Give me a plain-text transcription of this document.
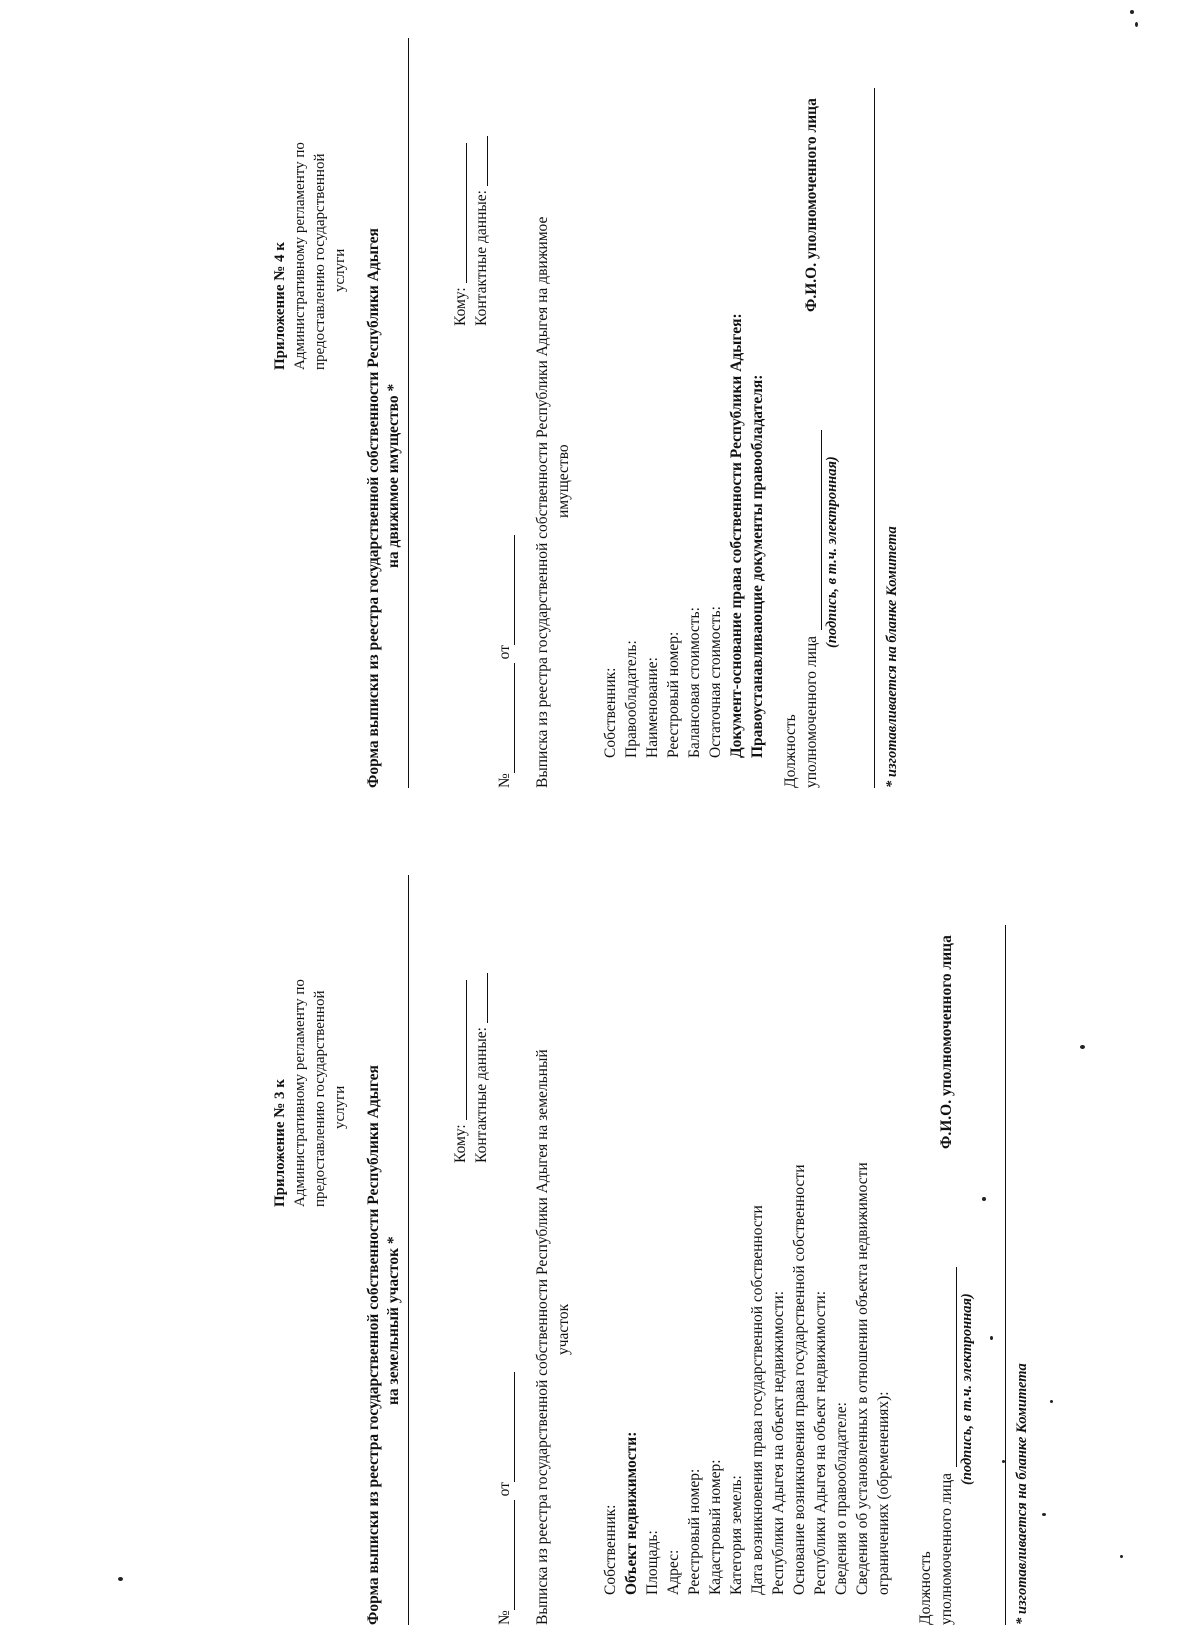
Приложение № 4 к Административному регламенту по предоставлению государственной услуги Форма выписки из реестра государственной собственности Республики Адыгея на движимое имущество *
Кому: Контактные данные:
№ от Выписка из реестра государственной собственности Республики Адыгея на движимое имущество
Собственник: Правообладатель: Наименование: Реестровый номер: Балансовая стоимость: Остаточная стоимость: Документ-основание права собственности Республики Адыгея: Правоустанавливающие документы правообладателя: Должность уполномоченного лица
Ф.И.О. уполномоченного лица
(подпись, в т.ч. электронная)	* изготавливается на бланке Комитета
Приложение № 3 к Административному регламенту по предоставлению государственной услуги Форма выписки из реестра государственной собственности Республики Адыгея на земельный участок *
Кому: Контактные данные:
№ от Выписка из реестра государственной собственности Республики Адыгея на земельный участок
Собственник: Объект недвижимости: Площадь: Адрес: Реестровый номер: Кадастровый номер: Категория земель: Дата возникновения права государственной собственности Республики Адыгея на объект недвижимости: Основание возникновения права государственной собственности Республики Адыгея на объект недвижимости: Сведения о правообладателе: Сведения об установленных в отношении объекта недвижимости ограничениях (обременениях): Должность уполномоченного лица
Ф.И.О. уполномоченного лица
(подпись, в т.ч. электронная)	* изготавливается на бланке Комитета
